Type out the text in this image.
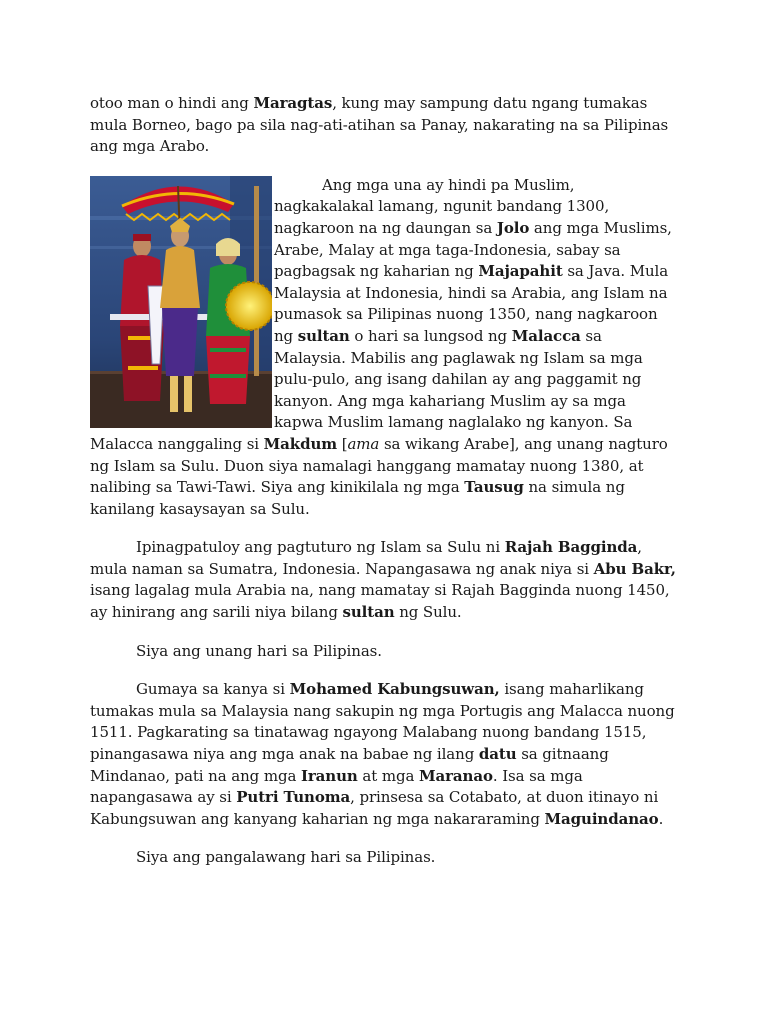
otoo man o hindi ang Maragtas, kung may sampung datu ngang tumakas mula Borneo, bago pa sila nag-ati-atihan sa Panay, nakarating na sa Pilipinas ang mga Arabo.

Ang mga una ay hindi pa Muslim, nagkakalakal lamang, ngunit bandang 1300, nagkaroon na ng daungan sa Jolo ang mga Muslims, Arabe, Malay at mga taga-Indonesia, sabay sa pagbagsak ng kaharian ng Majapahit sa Java. Mula Malaysia at Indonesia, hindi sa Arabia, ang Islam na pumasok sa Pilipinas nuong 1350, nang nagkaroon ng sultan o hari sa lungsod ng Malacca sa Malaysia. Mabilis ang paglawak ng Islam sa mga pulu-pulo, ang isang dahilan ay ang paggamit ng kanyon. Ang mga kahariang Muslim ay sa mga kapwa Muslim lamang naglalako ng kanyon. Sa Malacca nanggaling si Makdum [ama sa wikang Arabe], ang unang nagturo ng Islam sa Sulu. Duon siya namalagi hanggang mamatay nuong 1380, at nalibing sa Tawi-Tawi. Siya ang kinikilala ng mga Tausug na simula ng kanilang kasaysayan sa Sulu.

Ipinagpatuloy ang pagtuturo ng Islam sa Sulu ni Rajah Bagginda, mula naman sa Sumatra, Indonesia. Napangasawa ng anak niya si Abu Bakr, isang lagalag mula Arabia na, nang mamatay si Rajah Bagginda nuong 1450, ay hinirang ang sarili niya bilang sultan ng Sulu.

Siya ang unang hari sa Pilipinas.

Gumaya sa kanya si Mohamed Kabungsuwan, isang maharlikang tumakas mula sa Malaysia nang sakupin ng mga Portugis ang Malacca nuong 1511. Pagkarating sa tinatawag ngayong Malabang nuong bandang 1515, pinangasawa niya ang mga anak na babae ng ilang datu sa gitnaang Mindanao, pati na ang mga Iranun at mga Maranao. Isa sa mga napangasawa ay si Putri Tunoma, prinsesa sa Cotabato, at duon itinayo ni Kabungsuwan ang kanyang kaharian ng mga nakararaming Maguindanao.

Siya ang pangalawang hari sa Pilipinas.
